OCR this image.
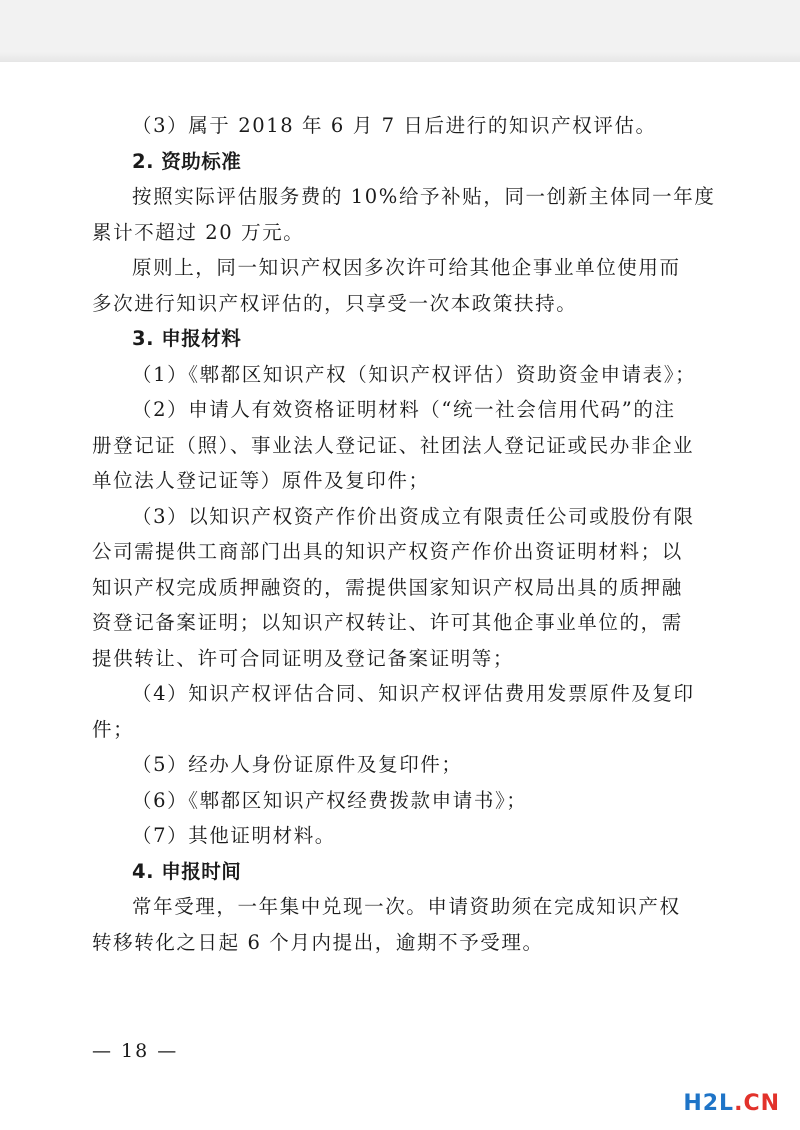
（3）属于 2018 年 6 月 7 日后进行的知识产权评估。

2. 资助标准

按照实际评估服务费的 10%给予补贴，同一创新主体同一年度

累计不超过 20 万元。

原则上，同一知识产权因多次许可给其他企事业单位使用而

多次进行知识产权评估的，只享受一次本政策扶持。

3. 申报材料

（1）《郫都区知识产权（知识产权评估）资助资金申请表》；

（2）申请人有效资格证明材料（“统一社会信用代码”的注

册登记证（照）、事业法人登记证、社团法人登记证或民办非企业

单位法人登记证等）原件及复印件；

（3）以知识产权资产作价出资成立有限责任公司或股份有限

公司需提供工商部门出具的知识产权资产作价出资证明材料；以

知识产权完成质押融资的，需提供国家知识产权局出具的质押融

资登记备案证明；以知识产权转让、许可其他企事业单位的，需

提供转让、许可合同证明及登记备案证明等；

（4）知识产权评估合同、知识产权评估费用发票原件及复印

件；

（5）经办人身份证原件及复印件；

（6）《郫都区知识产权经费拨款申请书》；

（7）其他证明材料。

4. 申报时间

常年受理，一年集中兑现一次。申请资助须在完成知识产权

转移转化之日起 6 个月内提出，逾期不予受理。

— 18 —
H2L.CN
